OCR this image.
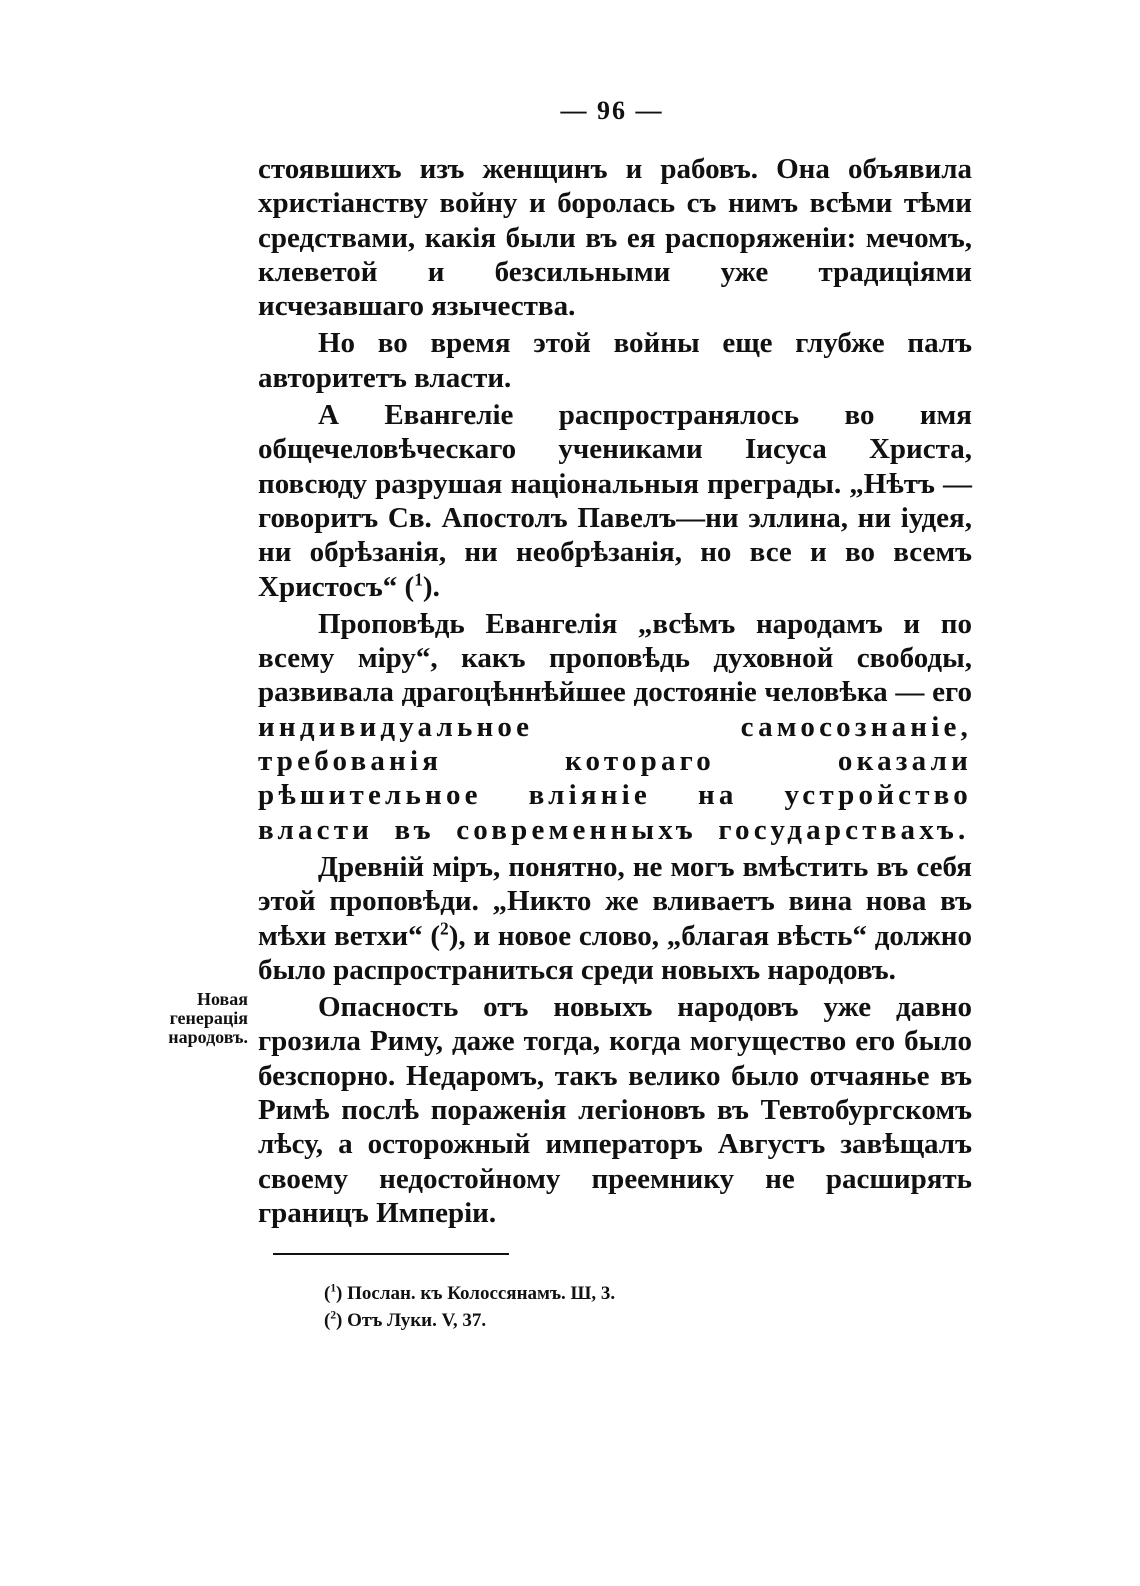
— 96 —

стоявшихъ изъ женщинъ и рабовъ. Она объявила христіанству войну и боролась съ нимъ всѣми тѣми средствами, какія были въ ея распоряженіи: мечомъ, клеветой и безсильными уже традиціями исчезавшаго язычества.

Но во время этой войны еще глубже палъ авторитетъ власти.

А Евангеліе распространялось во имя общечеловѣческаго учениками Іисуса Христа, повсюду разрушая національныя преграды. „Нѣтъ — говоритъ Св. Апостолъ Павелъ—ни эллина, ни іудея, ни обрѣзанія, ни необрѣзанія, но все и во всемъ Христосъ“ ($^1$).

Проповѣдь Евангелія „всѣмъ народамъ и по всему міру“, какъ проповѣдь духовной свободы, развивала драгоцѣннѣйшее достояніе человѣка — его индивидуальное самосознаніе, требованія котораго оказали рѣшительное вліяніе на устройство власти въ современныхъ государствахъ.

Древній міръ, понятно, не могъ вмѣстить въ себя этой проповѣди. „Никто же вливаетъ вина нова въ мѣхи ветхи“ ($^2$), и новое слово, „благая вѣсть“ должно было распространиться среди новыхъ народовъ.

Опасность отъ новыхъ народовъ уже давно грозила Риму, даже тогда, когда могущество его было безспорно. Недаромъ, такъ велико было отчаянье въ Римѣ послѣ пораженія легіоновъ въ Тевтобургскомъ лѣсу, а осторожный императоръ Августъ завѣщалъ своему недостойному преемнику не расширять границъ Имперіи.

Новая генерація народовъ.
($^1$) Послан. къ Колоссянамъ. Ш, 3.
($^2$) Отъ Луки. V, 37.
